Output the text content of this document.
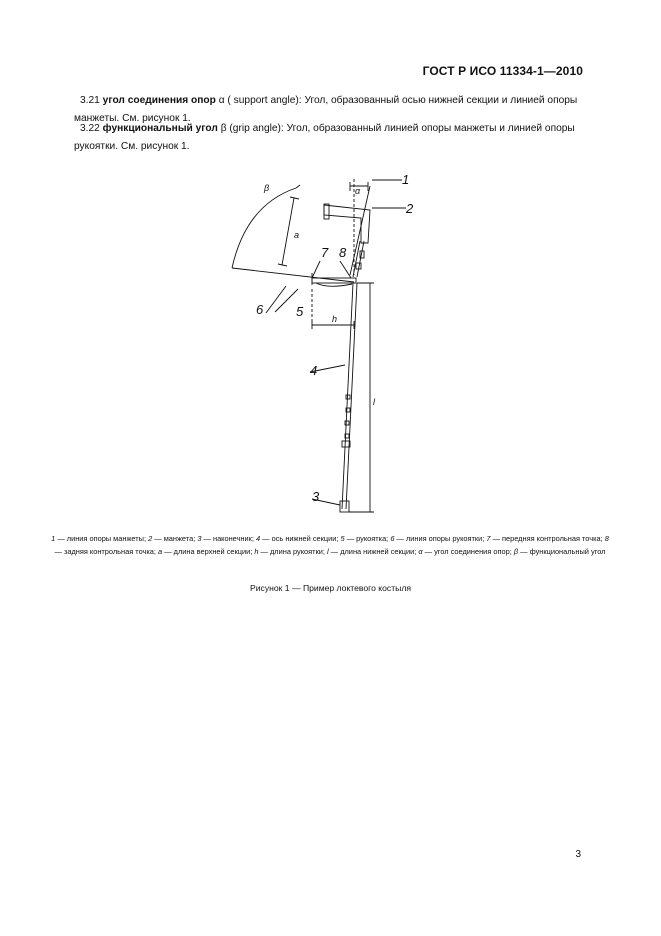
ГОСТ Р ИСО 11334-1—2010
3.21 угол соединения опор α ( support angle): Угол, образованный осью нижней секции и линией опоры манжеты. См. рисунок 1.
3.22 функциональный угол β (grip angle): Угол, образованный линией опоры манжеты и линией опоры рукоятки. См. рисунок 1.
1
2
7 8
6	5
4
3
β	α
a
h
l
1 — линия опоры манжеты; 2 — манжета; 3 — наконечник; 4 — ось нижней секции; 5 — рукоятка; 6 — линия опоры рукоятки; 7 — передняя контрольная точка; 8 — задняя контрольная точка; a — длина верхней секции; h — длина рукоятки; l — длина нижней секции; α — угол соединения опор; β — функциональный угол
Рисунок 1 — Пример локтевого костыля
3
